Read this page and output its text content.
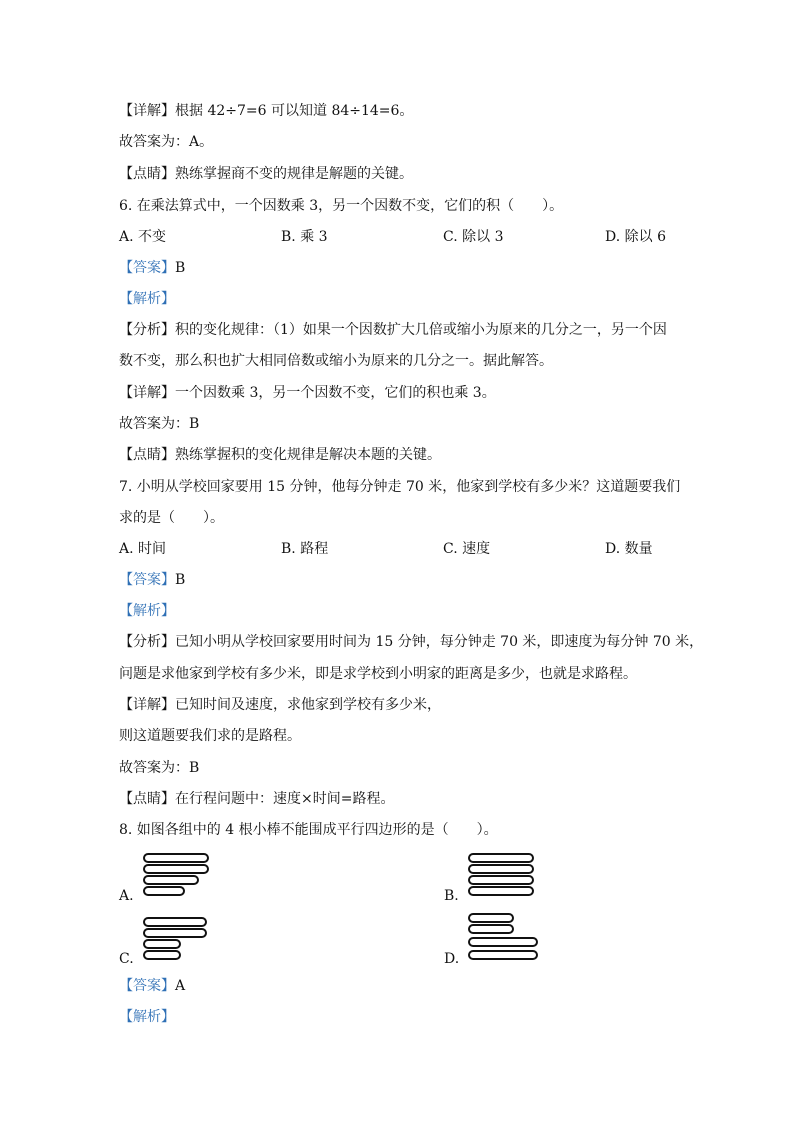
【详解】根据 42÷7=6 可以知道 84÷14=6。
故答案为：A。
【点睛】熟练掌握商不变的规律是解题的关键。
6. 在乘法算式中，一个因数乘 3，另一个因数不变，它们的积（　　）。
A. 不变	B. 乘 3	C. 除以 3	D. 除以 6
【答案】B
【解析】
【分析】积的变化规律：（1）如果一个因数扩大几倍或缩小为原来的几分之一，另一个因
数不变，那么积也扩大相同倍数或缩小为原来的几分之一。据此解答。
【详解】一个因数乘 3，另一个因数不变，它们的积也乘 3。
故答案为：B
【点睛】熟练掌握积的变化规律是解决本题的关键。
7. 小明从学校回家要用 15 分钟，他每分钟走 70 米，他家到学校有多少米？这道题要我们
求的是（　　）。
A. 时间	B. 路程	C. 速度	D. 数量
【答案】B
【解析】
【分析】已知小明从学校回家要用时间为 15 分钟，每分钟走 70 米，即速度为每分钟 70 米，
问题是求他家到学校有多少米，即是求学校到小明家的距离是多少，也就是求路程。
【详解】已知时间及速度，求他家到学校有多少米，
则这道题要我们求的是路程。
故答案为：B
【点睛】在行程问题中：速度×时间=路程。
8. 如图各组中的 4 根小棒不能围成平行四边形的是（　　）。
A.	B.
C.	D.
【答案】A
【解析】
